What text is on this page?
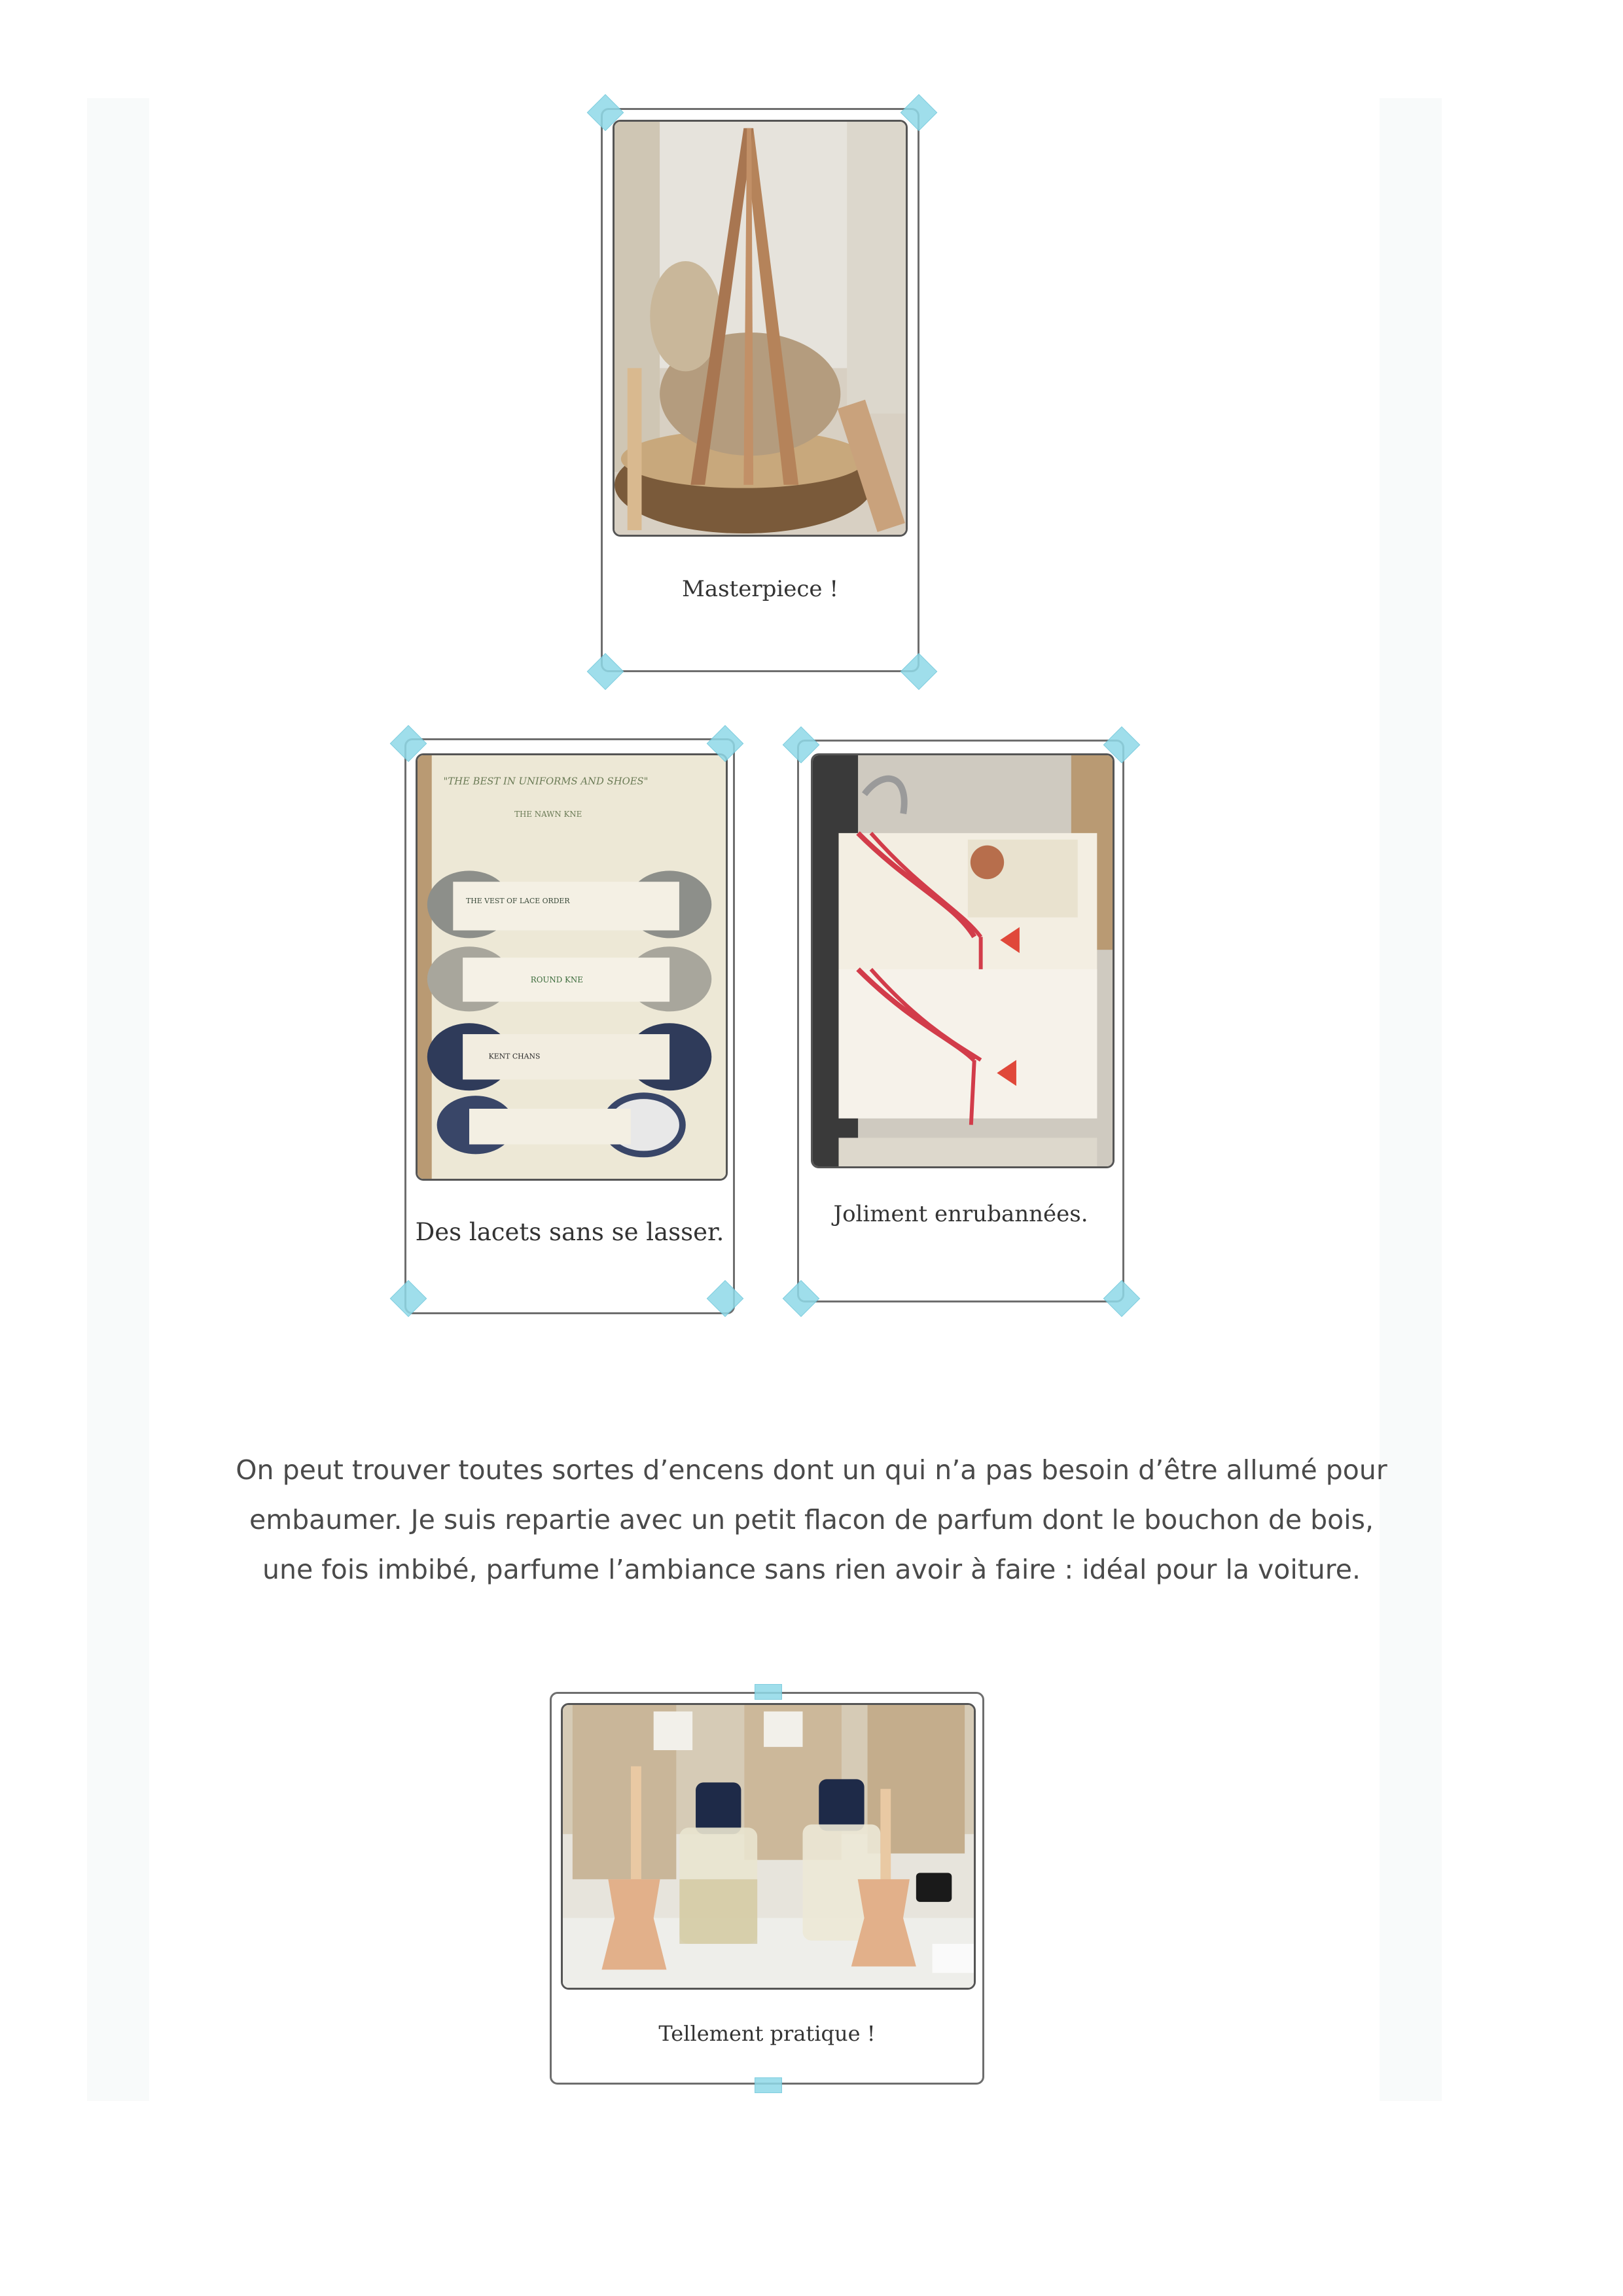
Masterpiece !
"THE BEST IN UNIFORMS AND SHOES"
THE NAWN KNE
THE VEST OF LACE ORDER
ROUND KNE
KENT CHANS
Des lacets sans se lasser.
Joliment enrubannées.
On peut trouver toutes sortes d’encens dont un qui n’a pas besoin d’être allumé pour
embaumer. Je suis repartie avec un petit flacon de parfum dont le bouchon de bois,
une fois imbibé, parfume l’ambiance sans rien avoir à faire : idéal pour la voiture.
Tellement pratique !
